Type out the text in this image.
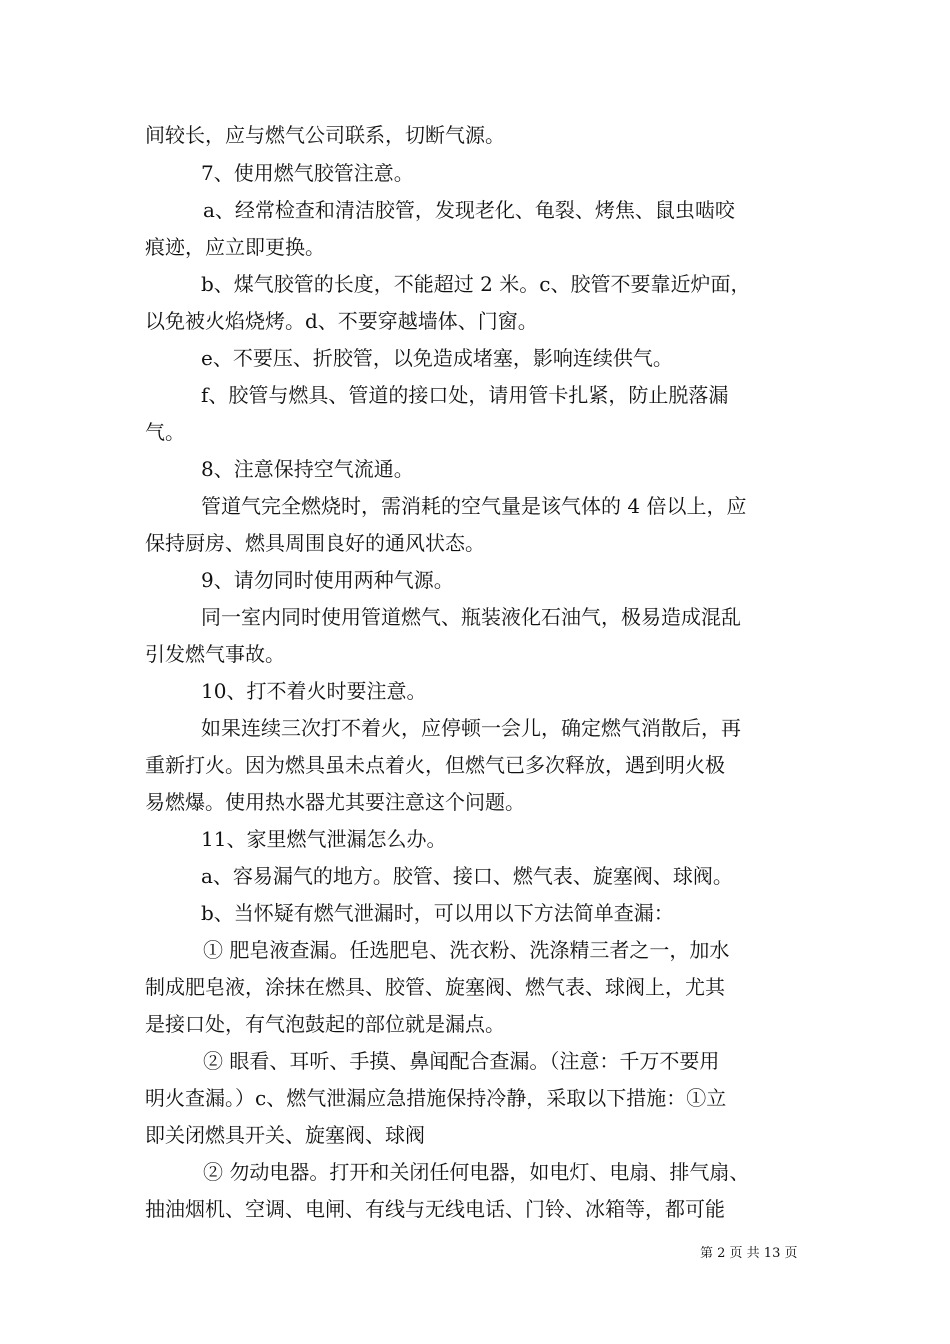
间较长，应与燃气公司联系，切断气源。
7、使用燃气胶管注意。
a、经常检查和清洁胶管，发现老化、龟裂、烤焦、鼠虫啮咬
痕迹，应立即更换。
b、煤气胶管的长度，不能超过 2 米。c、胶管不要靠近炉面，
以免被火焰烧烤。d、不要穿越墙体、门窗。
e、不要压、折胶管，以免造成堵塞，影响连续供气。
f、胶管与燃具、管道的接口处，请用管卡扎紧，防止脱落漏
气。
8、注意保持空气流通。
管道气完全燃烧时，需消耗的空气量是该气体的 4 倍以上，应
保持厨房、燃具周围良好的通风状态。
9、请勿同时使用两种气源。
同一室内同时使用管道燃气、瓶装液化石油气，极易造成混乱
引发燃气事故。
10、打不着火时要注意。
如果连续三次打不着火，应停顿一会儿，确定燃气消散后，再
重新打火。因为燃具虽未点着火，但燃气已多次释放，遇到明火极
易燃爆。使用热水器尤其要注意这个问题。
11、家里燃气泄漏怎么办。
a、容易漏气的地方。胶管、接口、燃气表、旋塞阀、球阀。
b、当怀疑有燃气泄漏时，可以用以下方法简单查漏：
① 肥皂液查漏。任选肥皂、洗衣粉、洗涤精三者之一，加水
制成肥皂液，涂抹在燃具、胶管、旋塞阀、燃气表、球阀上，尤其
是接口处，有气泡鼓起的部位就是漏点。
② 眼看、耳听、手摸、鼻闻配合查漏。（注意：千万不要用
明火查漏。）c、燃气泄漏应急措施保持冷静，采取以下措施：①立
即关闭燃具开关、旋塞阀、球阀
② 勿动电器。打开和关闭任何电器，如电灯、电扇、排气扇、
抽油烟机、空调、电闸、有线与无线电话、门铃、冰箱等，都可能
第 2 页 共 13 页
